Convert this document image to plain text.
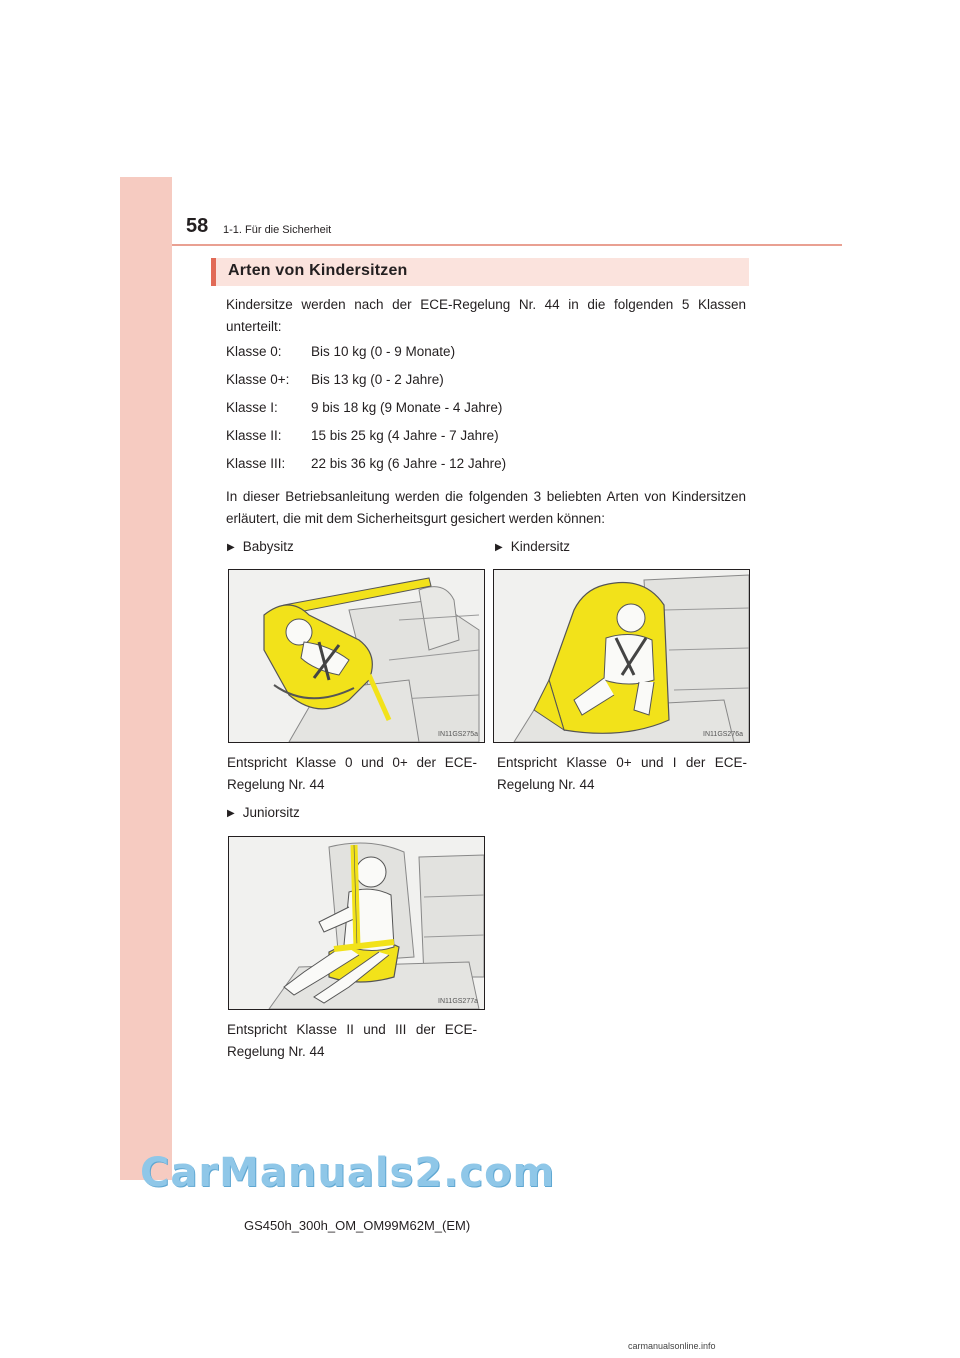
58 1-1. Für die Sicherheit
Arten von Kindersitzen
Kindersitze werden nach der ECE-Regelung Nr. 44 in die folgenden 5 Klassen unterteilt:
Klasse 0: Bis 10 kg (0 - 9 Monate)
Klasse 0+: Bis 13 kg (0 - 2 Jahre)
Klasse I: 9 bis 18 kg (9 Monate - 4 Jahre)
Klasse II: 15 bis 25 kg (4 Jahre - 7 Jahre)
Klasse III: 22 bis 36 kg (6 Jahre - 12 Jahre)
In dieser Betriebsanleitung werden die folgenden 3 beliebten Arten von Kindersitzen erläutert, die mit dem Sicherheitsgurt gesichert werden können:
▶ Babysitz
IN11GS275a
Entspricht Klasse 0 und 0+ der ECE-Regelung Nr. 44
▶ Kindersitz
IN11GS276a
Entspricht Klasse 0+ und I der ECE-Regelung Nr. 44
▶ Juniorsitz
IN11GS277a
Entspricht Klasse II und III der ECE-Regelung Nr. 44
CarManuals2.com
GS450h_300h_OM_OM99M62M_(EM)
carmanualsonline.info
